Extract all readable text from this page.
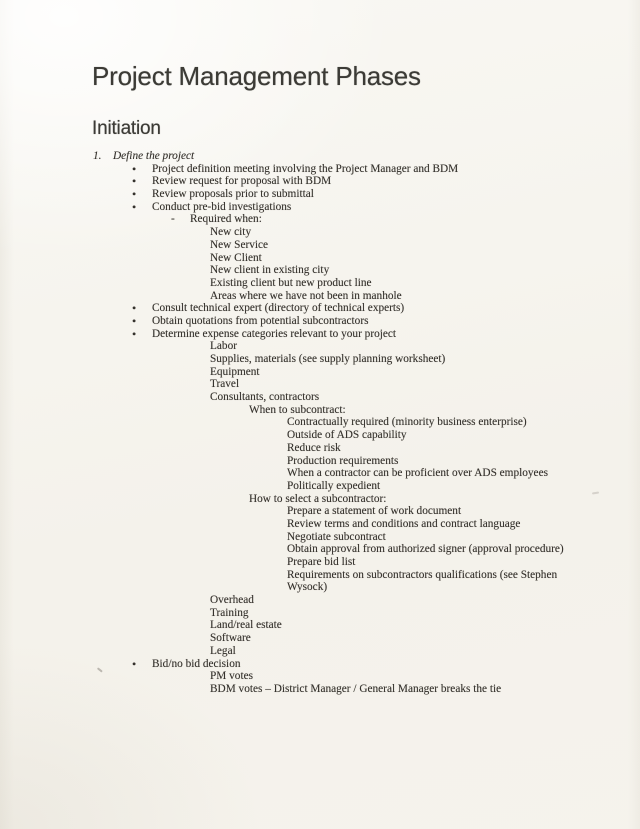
Project Management Phases
Initiation
1. Define the project
• Project definition meeting involving the Project Manager and BDM
• Review request for proposal with BDM
• Review proposals prior to submittal
• Conduct pre-bid investigations
- Required when:
New city
New Service
New Client
New client in existing city
Existing client but new product line
Areas where we have not been in manhole
• Consult technical expert (directory of technical experts)
• Obtain quotations from potential subcontractors
• Determine expense categories relevant to your project
Labor
Supplies, materials (see supply planning worksheet)
Equipment
Travel
Consultants, contractors
When to subcontract:
Contractually required (minority business enterprise)
Outside of ADS capability
Reduce risk
Production requirements
When a contractor can be proficient over ADS employees
Politically expedient
How to select a subcontractor:
Prepare a statement of work document
Review terms and conditions and contract language
Negotiate subcontract
Obtain approval from authorized signer (approval procedure)
Prepare bid list
Requirements on subcontractors qualifications (see Stephen
Wysock)
Overhead
Training
Land/real estate
Software
Legal
• Bid/no bid decision
PM votes
BDM votes – District Manager / General Manager breaks the tie
